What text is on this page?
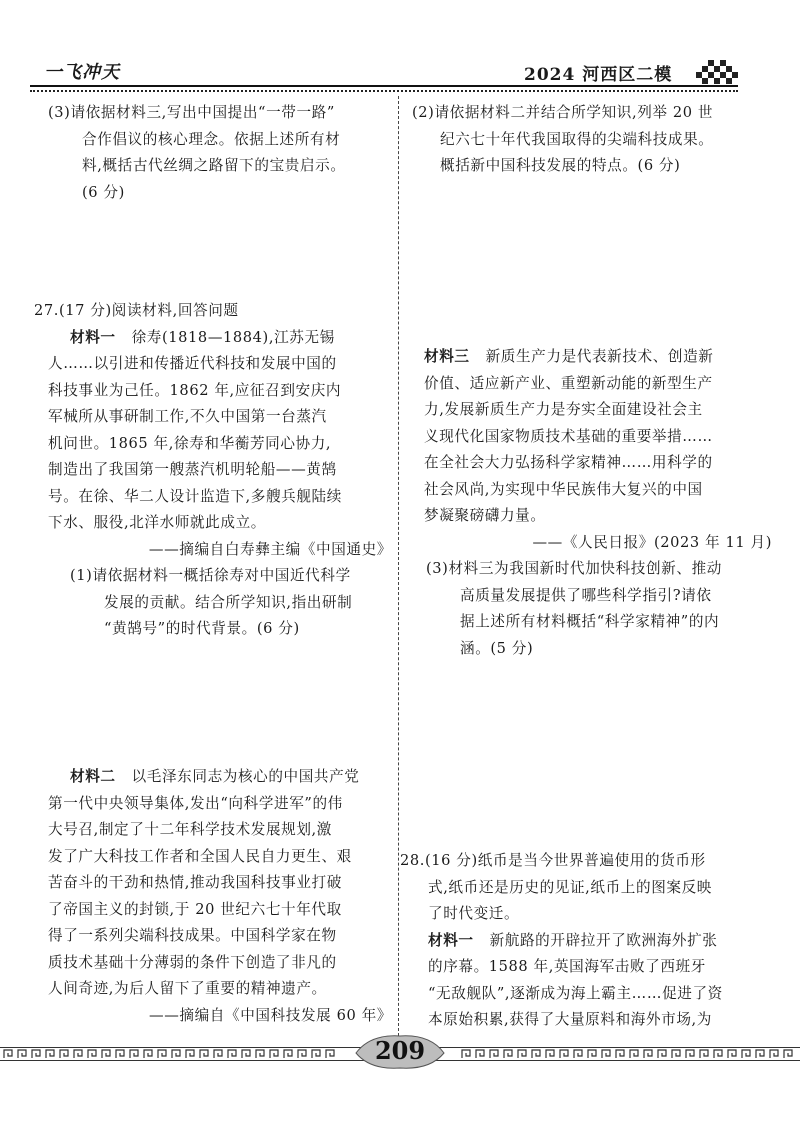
一飞冲天	2024 河西区二模

(3)请依据材料三,写出中国提出“一带一路”

合作倡议的核心理念。依据上述所有材

料,概括古代丝绸之路留下的宝贵启示。

(6 分)

27.(17 分)阅读材料,回答问题

材料一 徐寿(1818—1884),江苏无锡

人……以引进和传播近代科技和发展中国的

科技事业为己任。1862 年,应征召到安庆内

军械所从事研制工作,不久中国第一台蒸汽

机问世。1865 年,徐寿和华蘅芳同心协力,

制造出了我国第一艘蒸汽机明轮船——黄鹄

号。在徐、华二人设计监造下,多艘兵舰陆续

下水、服役,北洋水师就此成立。

——摘编自白寿彝主编《中国通史》

(1)请依据材料一概括徐寿对中国近代科学

发展的贡献。结合所学知识,指出研制

“黄鹄号”的时代背景。(6 分)

材料二 以毛泽东同志为核心的中国共产党

第一代中央领导集体,发出“向科学进军”的伟

大号召,制定了十二年科学技术发展规划,激

发了广大科技工作者和全国人民自力更生、艰

苦奋斗的干劲和热情,推动我国科技事业打破

了帝国主义的封锁,于 20 世纪六七十年代取

得了一系列尖端科技成果。中国科学家在物

质技术基础十分薄弱的条件下创造了非凡的

人间奇迹,为后人留下了重要的精神遗产。

——摘编自《中国科技发展 60 年》

(2)请依据材料二并结合所学知识,列举 20 世

纪六七十年代我国取得的尖端科技成果。

概括新中国科技发展的特点。(6 分)

材料三 新质生产力是代表新技术、创造新

价值、适应新产业、重塑新动能的新型生产

力,发展新质生产力是夯实全面建设社会主

义现代化国家物质技术基础的重要举措……

在全社会大力弘扬科学家精神……用科学的

社会风尚,为实现中华民族伟大复兴的中国

梦凝聚磅礴力量。

——《人民日报》(2023 年 11 月)

(3)材料三为我国新时代加快科技创新、推动

高质量发展提供了哪些科学指引?请依

据上述所有材料概括“科学家精神”的内

涵。(5 分)

28.(16 分)纸币是当今世界普遍使用的货币形

式,纸币还是历史的见证,纸币上的图案反映

了时代变迁。

材料一 新航路的开辟拉开了欧洲海外扩张

的序幕。1588 年,英国海军击败了西班牙

“无敌舰队”,逐渐成为海上霸主……促进了资

本原始积累,获得了大量原料和海外市场,为

209
